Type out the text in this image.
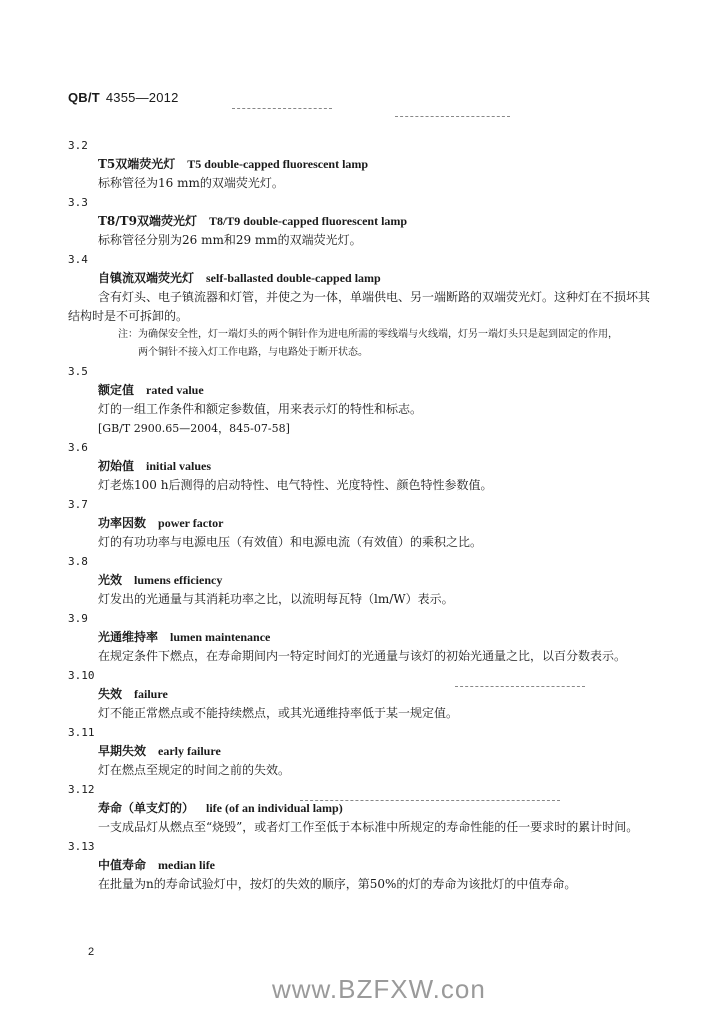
QB/T 4355—2012
3.2
T5双端荧光灯 T5 double-capped fluorescent lamp
标称管径为16 mm的双端荧光灯。
3.3
T8/T9双端荧光灯 T8/T9 double-capped fluorescent lamp
标称管径分别为26 mm和29 mm的双端荧光灯。
3.4
自镇流双端荧光灯 self-ballasted double-capped lamp
含有灯头、电子镇流器和灯管，并使之为一体，单端供电、另一端断路的双端荧光灯。这种灯在不损坏其结构时是不可拆卸的。
注：为确保安全性，灯一端灯头的两个铜针作为进电所需的零线端与火线端，灯另一端灯头只是起到固定的作用，
两个铜针不接入灯工作电路，与电路处于断开状态。
3.5
额定值 rated value
灯的一组工作条件和额定参数值，用来表示灯的特性和标志。
[GB/T 2900.65—2004，845-07-58]
3.6
初始值 initial values
灯老炼100 h后测得的启动特性、电气特性、光度特性、颜色特性参数值。
3.7
功率因数 power factor
灯的有功功率与电源电压（有效值）和电源电流（有效值）的乘积之比。
3.8
光效 lumens efficiency
灯发出的光通量与其消耗功率之比，以流明每瓦特（lm/W）表示。
3.9
光通维持率 lumen maintenance
在规定条件下燃点，在寿命期间内一特定时间灯的光通量与该灯的初始光通量之比，以百分数表示。
3.10
失效 failure
灯不能正常燃点或不能持续燃点，或其光通维持率低于某一规定值。
3.11
早期失效 early failure
灯在燃点至规定的时间之前的失效。
3.12
寿命（单支灯的） life (of an individual lamp)
一支成品灯从燃点至“烧毁”，或者灯工作至低于本标准中所规定的寿命性能的任一要求时的累计时间。
3.13
中值寿命 median life
在批量为n的寿命试验灯中，按灯的失效的顺序，第50%的灯的寿命为该批灯的中值寿命。
2
www.BZFXW.con
